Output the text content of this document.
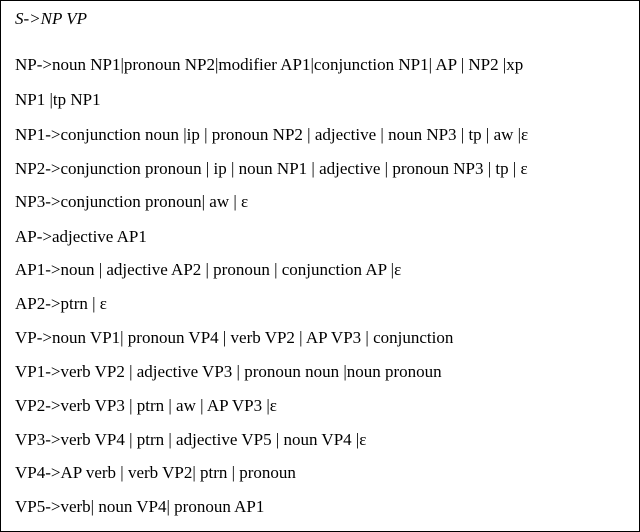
S->NP VP
NP->noun NP1|pronoun NP2|modifier AP1|conjunction NP1| AP | NP2 |xp
NP1 |tp NP1
NP1->conjunction noun |ip | pronoun NP2 | adjective | noun NP3 | tp | aw |ε
NP2->conjunction pronoun | ip | noun NP1 | adjective | pronoun NP3 | tp | ε
NP3->conjunction pronoun| aw | ε
AP->adjective AP1
AP1->noun | adjective AP2 | pronoun | conjunction AP |ε
AP2->ptrn | ε
VP->noun VP1| pronoun VP4 | verb VP2 | AP VP3 | conjunction
VP1->verb VP2 | adjective VP3 | pronoun noun |noun pronoun
VP2->verb VP3 | ptrn | aw | AP VP3 |ε
VP3->verb VP4 | ptrn | adjective VP5 | noun VP4 |ε
VP4->AP verb | verb VP2| ptrn | pronoun
VP5->verb| noun VP4| pronoun AP1
